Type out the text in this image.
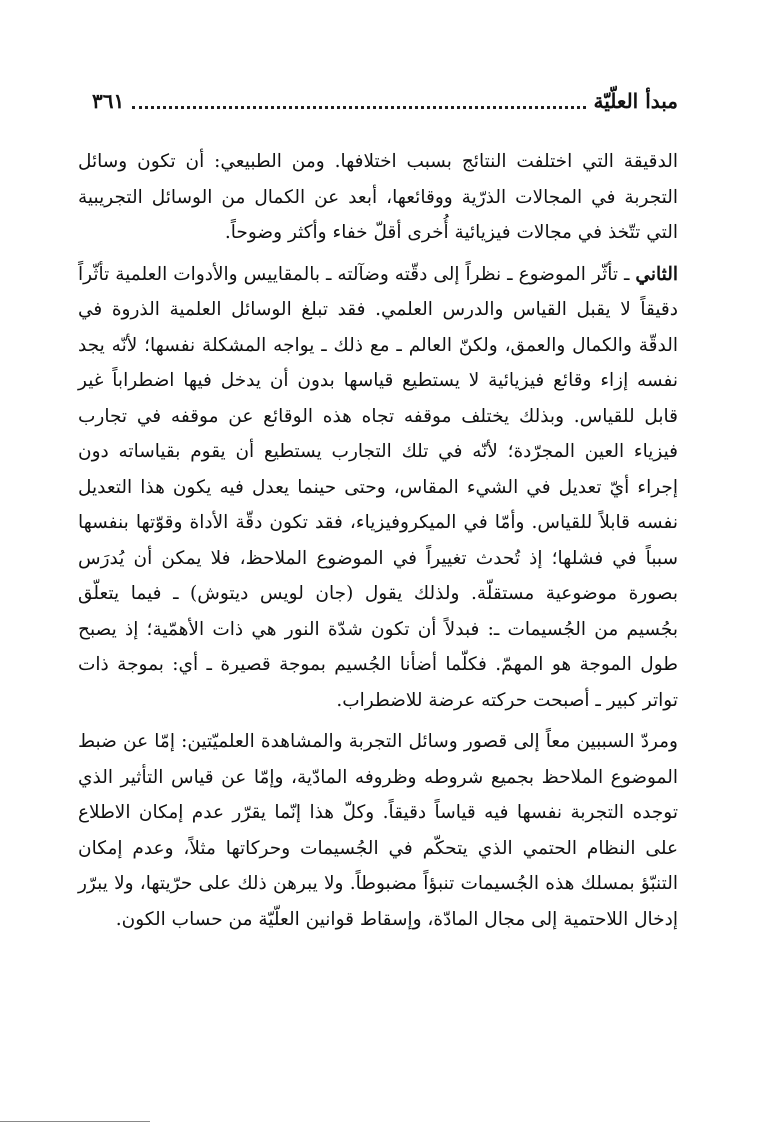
مبدأ العلّيّة
٣٦١

الدقيقة التي اختلفت النتائج بسبب اختلافها. ومن الطبيعي: أن تكون وسائل التجربة في المجالات الذرّية ووقائعها، أبعد عن الكمال من الوسائل التجريبية التي تتّخذ في مجالات فيزيائية أُخرى أقلّ خفاء وأكثر وضوحاً.

الثاني ـ تأثّر الموضوع ـ نظراً إلى دقّته وضآلته ـ بالمقاييس والأدوات العلمية تأثّراً دقيقاً لا يقبل القياس والدرس العلمي. فقد تبلغ الوسائل العلمية الذروة في الدقّة والكمال والعمق، ولكنّ العالم ـ مع ذلك ـ يواجه المشكلة نفسها؛ لأنّه يجد نفسه إزاء وقائع فيزيائية لا يستطيع قياسها بدون أن يدخل فيها اضطراباً غير قابل للقياس. وبذلك يختلف موقفه تجاه هذه الوقائع عن موقفه في تجارب فيزياء العين المجرّدة؛ لأنّه في تلك التجارب يستطيع أن يقوم بقياساته دون إجراء أيّ تعديل في الشيء المقاس، وحتى حينما يعدل فيه يكون هذا التعديل نفسه قابلاً للقياس. وأمّا في الميكروفيزياء، فقد تكون دقّة الأداة وقوّتها بنفسها سبباً في فشلها؛ إذ تُحدث تغييراً في الموضوع الملاحظ، فلا يمكن أن يُدرَس بصورة موضوعية مستقلّة. ولذلك يقول (جان لويس ديتوش) ـ فيما يتعلّق بجُسيم من الجُسيمات ـ: فبدلاً أن تكون شدّة النور هي ذات الأهمّية؛ إذ يصبح طول الموجة هو المهمّ. فكلّما أضأنا الجُسيم بموجة قصيرة ـ أي: بموجة ذات تواتر كبير ـ أصبحت حركته عرضة للاضطراب.

ومردّ السببين معاً إلى قصور وسائل التجربة والمشاهدة العلميّتين: إمّا عن ضبط الموضوع الملاحظ بجميع شروطه وظروفه المادّية، وإمّا عن قياس التأثير الذي توجده التجربة نفسها فيه قياساً دقيقاً. وكلّ هذا إنّما يقرّر عدم إمكان الاطلاع على النظام الحتمي الذي يتحكّم في الجُسيمات وحركاتها مثلاً، وعدم إمكان التنبّؤ بمسلك هذه الجُسيمات تنبؤاً مضبوطاً. ولا يبرهن ذلك على حرّيتها، ولا يبرّر إدخال اللاحتمية إلى مجال المادّة، وإسقاط قوانين العلّيّة من حساب الكون.
